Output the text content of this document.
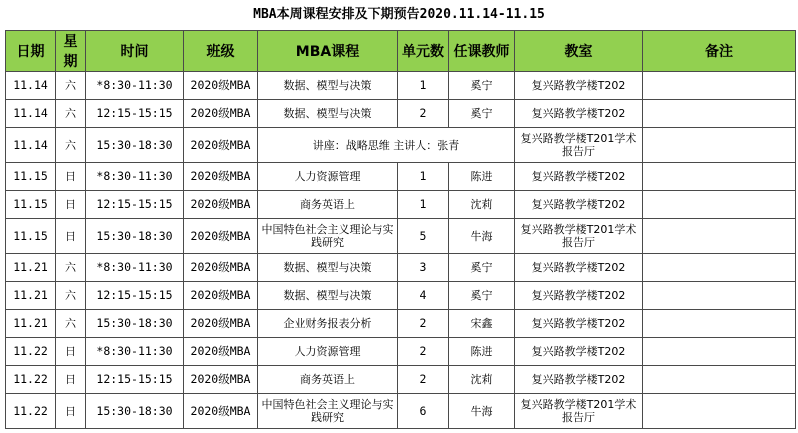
MBA本周课程安排及下期预告2020.11.14-11.15
日期	星期	时间	班级	MBA课程	单元数	任课教师	教室	备注
11.14	六	*8:30-11:30	2020级MBA	数据、模型与决策	1	奚宁	复兴路教学楼T202	
11.14	六	12:15-15:15	2020级MBA	数据、模型与决策	2	奚宁	复兴路教学楼T202	
11.14	六	15:30-18:30	2020级MBA	讲座：战略思维 主讲人：张青			复兴路教学楼T201学术报告厅	
11.15	日	*8:30-11:30	2020级MBA	人力资源管理	1	陈进	复兴路教学楼T202	
11.15	日	12:15-15:15	2020级MBA	商务英语上	1	沈莉	复兴路教学楼T202	
11.15	日	15:30-18:30	2020级MBA	中国特色社会主义理论与实践研究	5	牛海	复兴路教学楼T201学术报告厅	
11.21	六	*8:30-11:30	2020级MBA	数据、模型与决策	3	奚宁	复兴路教学楼T202	
11.21	六	12:15-15:15	2020级MBA	数据、模型与决策	4	奚宁	复兴路教学楼T202	
11.21	六	15:30-18:30	2020级MBA	企业财务报表分析	2	宋鑫	复兴路教学楼T202	
11.22	日	*8:30-11:30	2020级MBA	人力资源管理	2	陈进	复兴路教学楼T202	
11.22	日	12:15-15:15	2020级MBA	商务英语上	2	沈莉	复兴路教学楼T202	
11.22	日	15:30-18:30	2020级MBA	中国特色社会主义理论与实践研究	6	牛海	复兴路教学楼T201学术报告厅	
